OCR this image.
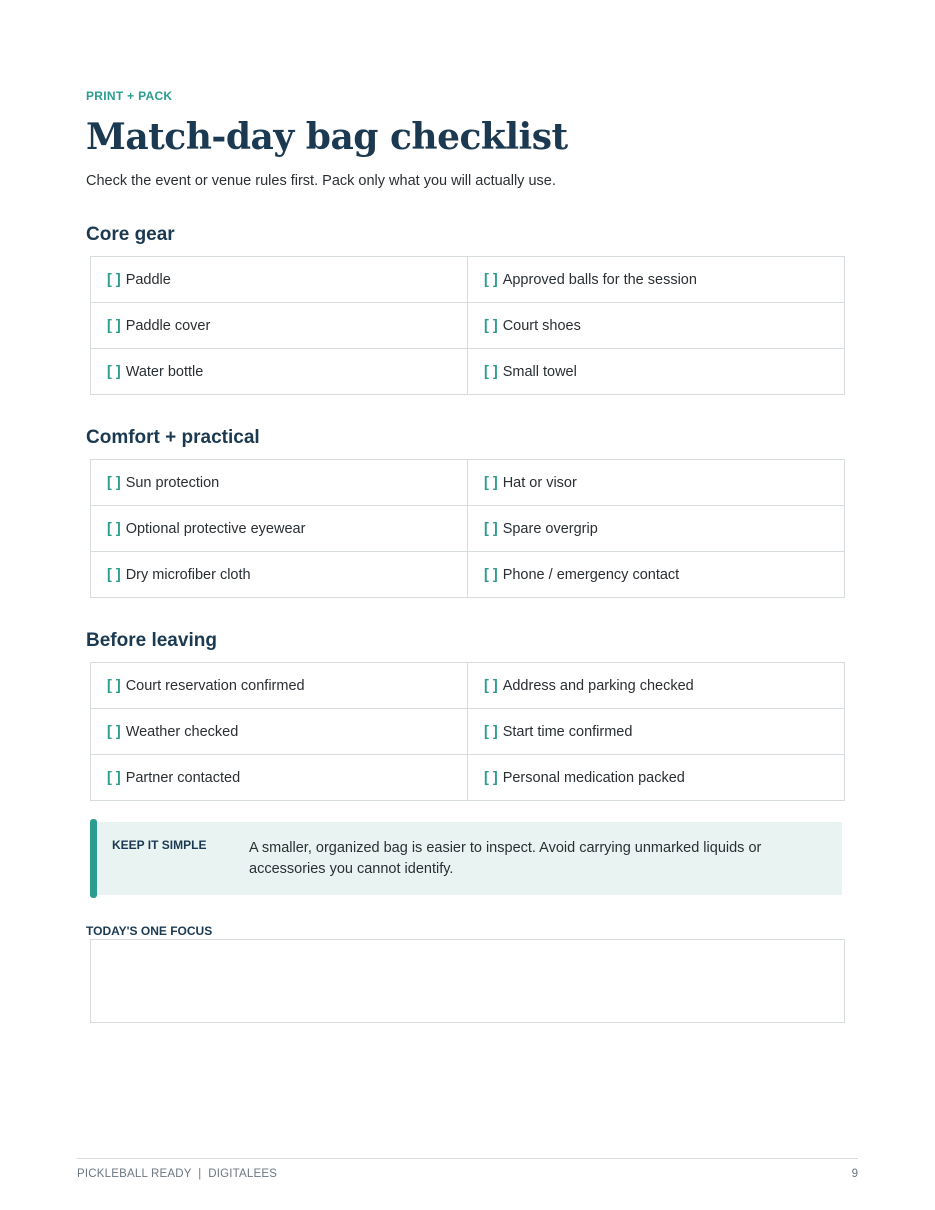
PRINT + PACK
Match-day bag checklist
Check the event or venue rules first. Pack only what you will actually use.
Core gear
[ ] Paddle	[ ] Approved balls for the session
[ ] Paddle cover	[ ] Court shoes
[ ] Water bottle	[ ] Small towel
Comfort + practical
[ ] Sun protection	[ ] Hat or visor
[ ] Optional protective eyewear	[ ] Spare overgrip
[ ] Dry microfiber cloth	[ ] Phone / emergency contact
Before leaving
[ ] Court reservation confirmed	[ ] Address and parking checked
[ ] Weather checked	[ ] Start time confirmed
[ ] Partner contacted	[ ] Personal medication packed
KEEP IT SIMPLE	A smaller, organized bag is easier to inspect. Avoid carrying unmarked liquids or accessories you cannot identify.
TODAY'S ONE FOCUS
PICKLEBALL READY  |  DIGITALEES	9
